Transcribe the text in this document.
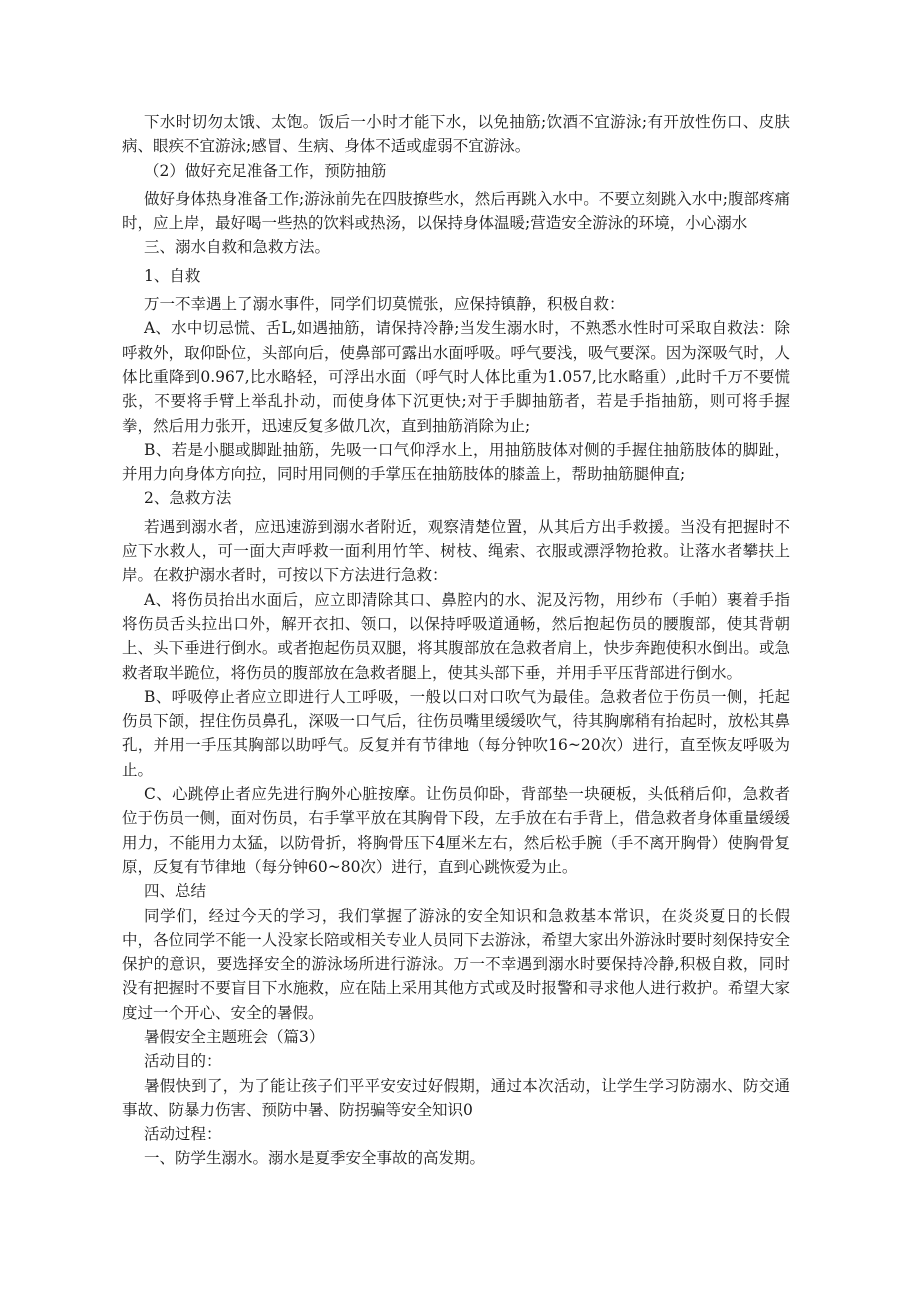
下水时切勿太饿、太饱。饭后一小时才能下水，以免抽筋;饮酒不宜游泳;有开放性伤口、皮肤病、眼疾不宜游泳;感冒、生病、身体不适或虚弱不宜游泳。

（2）做好充足准备工作，预防抽筋

做好身体热身准备工作;游泳前先在四肢撩些水，然后再跳入水中。不要立刻跳入水中;腹部疼痛时，应上岸，最好喝一些热的饮料或热汤，以保持身体温暖;营造安全游泳的环境，小心溺水

三、溺水自救和急救方法。

1、自救

万一不幸遇上了溺水事件，同学们切莫慌张，应保持镇静，积极自救：

A、水中切忌慌、舌L,如遇抽筋，请保持冷静;当发生溺水时，不熟悉水性时可采取自救法：除呼救外，取仰卧位，头部向后，使鼻部可露出水面呼吸。呼气要浅，吸气要深。因为深吸气时，人体比重降到0.967,比水略轻，可浮出水面（呼气时人体比重为1.057,比水略重）,此时千万不要慌张，不要将手臂上举乱扑动，而使身体下沉更快;对于手脚抽筋者，若是手指抽筋，则可将手握拳，然后用力张开，迅速反复多做几次，直到抽筋消除为止;

B、若是小腿或脚趾抽筋，先吸一口气仰浮水上，用抽筋肢体对侧的手握住抽筋肢体的脚趾，并用力向身体方向拉，同时用同侧的手掌压在抽筋肢体的膝盖上，帮助抽筋腿伸直;

2、急救方法

若遇到溺水者，应迅速游到溺水者附近，观察清楚位置，从其后方出手救援。当没有把握时不应下水救人，可一面大声呼救一面利用竹竿、树枝、绳索、衣服或漂浮物抢救。让落水者攀扶上岸。在救护溺水者时，可按以下方法进行急救：

A、将伤员抬出水面后，应立即清除其口、鼻腔内的水、泥及污物，用纱布（手帕）裹着手指将伤员舌头拉出口外，解开衣扣、领口，以保持呼吸道通畅，然后抱起伤员的腰腹部，使其背朝上、头下垂进行倒水。或者抱起伤员双腿，将其腹部放在急救者肩上，快步奔跑使积水倒出。或急救者取半跪位，将伤员的腹部放在急救者腿上，使其头部下垂，并用手平压背部进行倒水。

B、呼吸停止者应立即进行人工呼吸，一般以口对口吹气为最佳。急救者位于伤员一侧，托起伤员下颌，捏住伤员鼻孔，深吸一口气后，往伤员嘴里缓缓吹气，待其胸廓稍有抬起时，放松其鼻孔，并用一手压其胸部以助呼气。反复并有节律地（每分钟吹16~20次）进行，直至恢友呼吸为止。

C、心跳停止者应先进行胸外心脏按摩。让伤员仰卧，背部垫一块硬板，头低稍后仰，急救者位于伤员一侧，面对伤员，右手掌平放在其胸骨下段，左手放在右手背上，借急救者身体重量缓缓用力，不能用力太猛，以防骨折，将胸骨压下4厘米左右，然后松手腕（手不离开胸骨）使胸骨复原，反复有节律地（每分钟60~80次）进行，直到心跳恢爱为止。

四、总结

同学们，经过今天的学习，我们掌握了游泳的安全知识和急救基本常识，在炎炎夏日的长假中，各位同学不能一人没家长陪或相关专业人员同下去游泳，希望大家出外游泳时要时刻保持安全保护的意识，要选择安全的游泳场所进行游泳。万一不幸遇到溺水时要保持冷静,积极自救，同时没有把握时不要盲目下水施救，应在陆上采用其他方式或及时报警和寻求他人进行救护。希望大家度过一个开心、安全的暑假。

暑假安全主题班会（篇3）

活动目的：

暑假快到了，为了能让孩子们平平安安过好假期，通过本次活动，让学生学习防溺水、防交通事故、防暴力伤害、预防中暑、防拐骗等安全知识0

活动过程：

一、防学生溺水。溺水是夏季安全事故的高发期。
